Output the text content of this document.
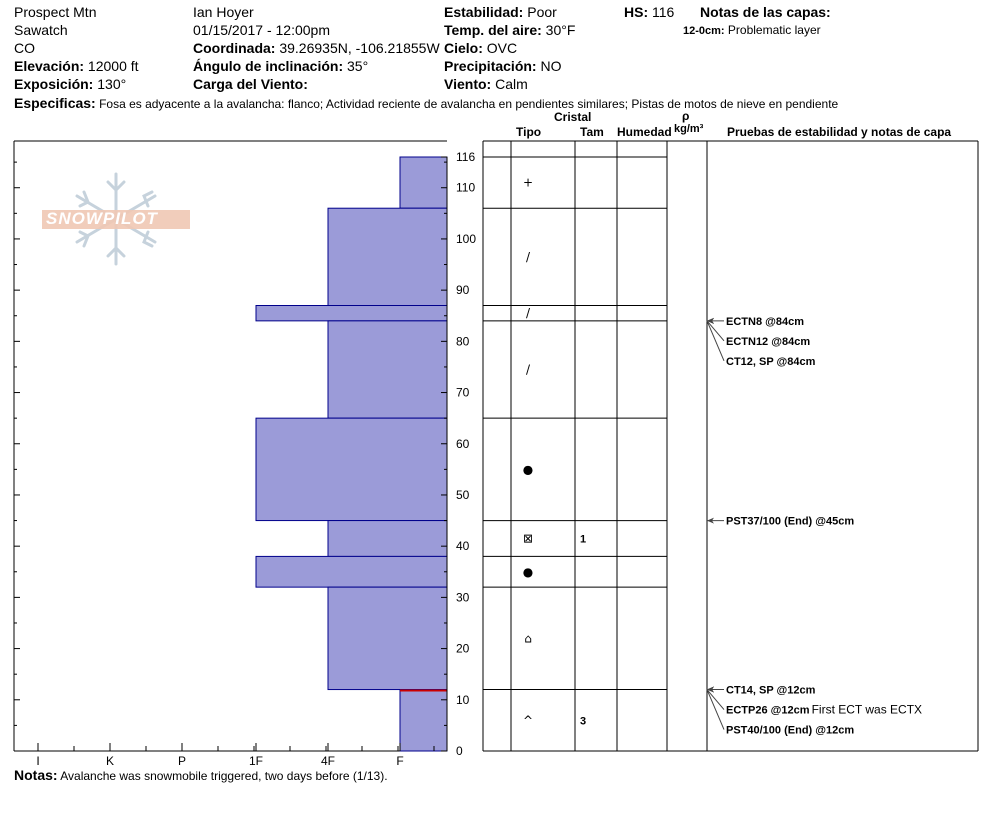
Prospect Mtn
Sawatch
CO
Elevación: 12000 ft
Exposición: 130°
Ian Hoyer
01/15/2017 - 12:00pm
Coordinada: 39.26935N, -106.21855W
Ángulo de inclinación: 35°
Carga del Viento:
Estabilidad: Poor
Temp. del aire: 30°F
Cielo: OVC
Precipitación: NO
Viento: Calm
HS: 116 Notas de las capas:
12-0cm: Problematic layer
Especificas: Fosa es adyacente a la avalancha: flanco; Actividad reciente de avalancha en pendientes similares; Pistas de motos de nieve en pendiente
Cristal
Tipo	Tam Humedad
ρ
kg/m³ Pruebas de estabilidad y notas de capa
SNOWPILOT
0
10
20
30
40
50
60
70
80
90
100
110
116
I	K	P	1F	4F	F
+
/
/
/
●
⊠	1
●
⌂
^	3
CT14, SP @12cm
ECTP26 @12cm First ECT was ECTX
PST40/100 (End) @12cm
PST37/100 (End) @45cm
ECTN8 @84cm
ECTN12 @84cm
CT12, SP @84cm
Notas: Avalanche was snowmobile triggered, two days before (1/13).
